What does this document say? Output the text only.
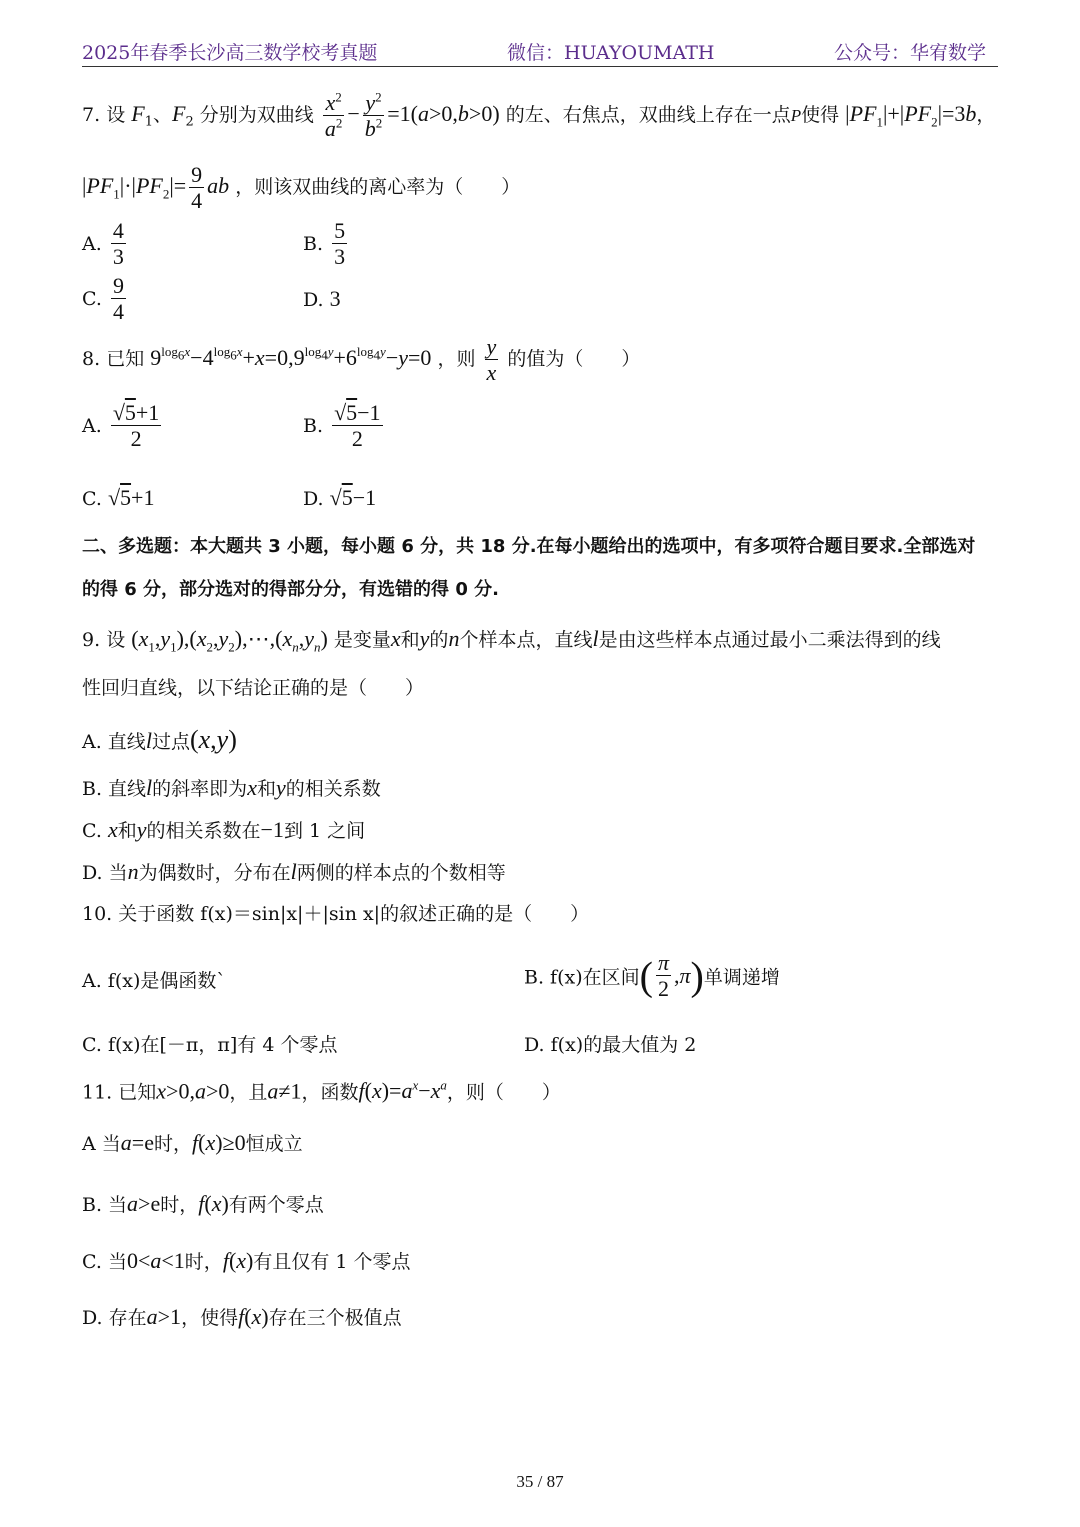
2025年春季长沙高三数学校考真题	微信：HUAYOUMATH	公众号：华宥数学
7. 设 $F_1$、$F_2$ 分别为双曲线 $\frac{x^2}{a^2} - \frac{y^2}{b^2} =1(a>0,b>0)$ 的左、右焦点，双曲线上存在一点P使得 $|PF_1|+|PF_2|=3b$，
$|PF_1|\cdot|PF_2|= \frac{9}{4}$ ab ，则该双曲线的离心率为（　　）
A. $\frac{4}{3}$	B. $\frac{5}{3}$
C. $\frac{9}{4}$	D. 3
8. 已知 $9^{log_6x}-4^{log_6x}+x=0,9^{log_4y}+6^{log_4y}-y=0$ ，则 $\frac{y}{x}$ 的值为（　　）
A. $\frac{√5+1}{2}$	B. $\frac{√5-1}{2}$
C. √5+1	D. √5−1
二、多选题：本大题共 3 小题，每小题 6 分，共 18 分.在每小题给出的选项中，有多项符合题目要求.全部选对
的得 6 分，部分选对的得部分分，有选错的得 0 分.
9. 设 $(x_1,y_1),(x_2,y_2),\cdots,(x_n,y_n)$ 是变量x和y的n个样本点，直线l是由这些样本点通过最小二乘法得到的线
性回归直线，以下结论正确的是（　　）
A. 直线l过点(x,y)
B. 直线l的斜率即为x和y的相关系数
C. x和y的相关系数在−1到 1 之间
D. 当n为偶数时，分布在l两侧的样本点的个数相等
10. 关于函数 f(x)＝sin|x|＋|sin x|的叙述正确的是（　　）
A. f(x)是偶函数`	B. f(x)在区间( $\frac{\pi}{2} ,\pi$)单调递增
C. f(x)在[－π，π]有 4 个零点	D. f(x)的最大值为 2
11. 已知x>0,a>0，且a≠1，函数$f(x)=a^x-x^a$，则（　　）
A 当a=e时，f(x)≥0恒成立
B. 当a>e时，f(x)有两个零点
C. 当0<a<1时，f(x)有且仅有 1 个零点
D. 存在a>1，使得f(x)存在三个极值点
35 / 87
